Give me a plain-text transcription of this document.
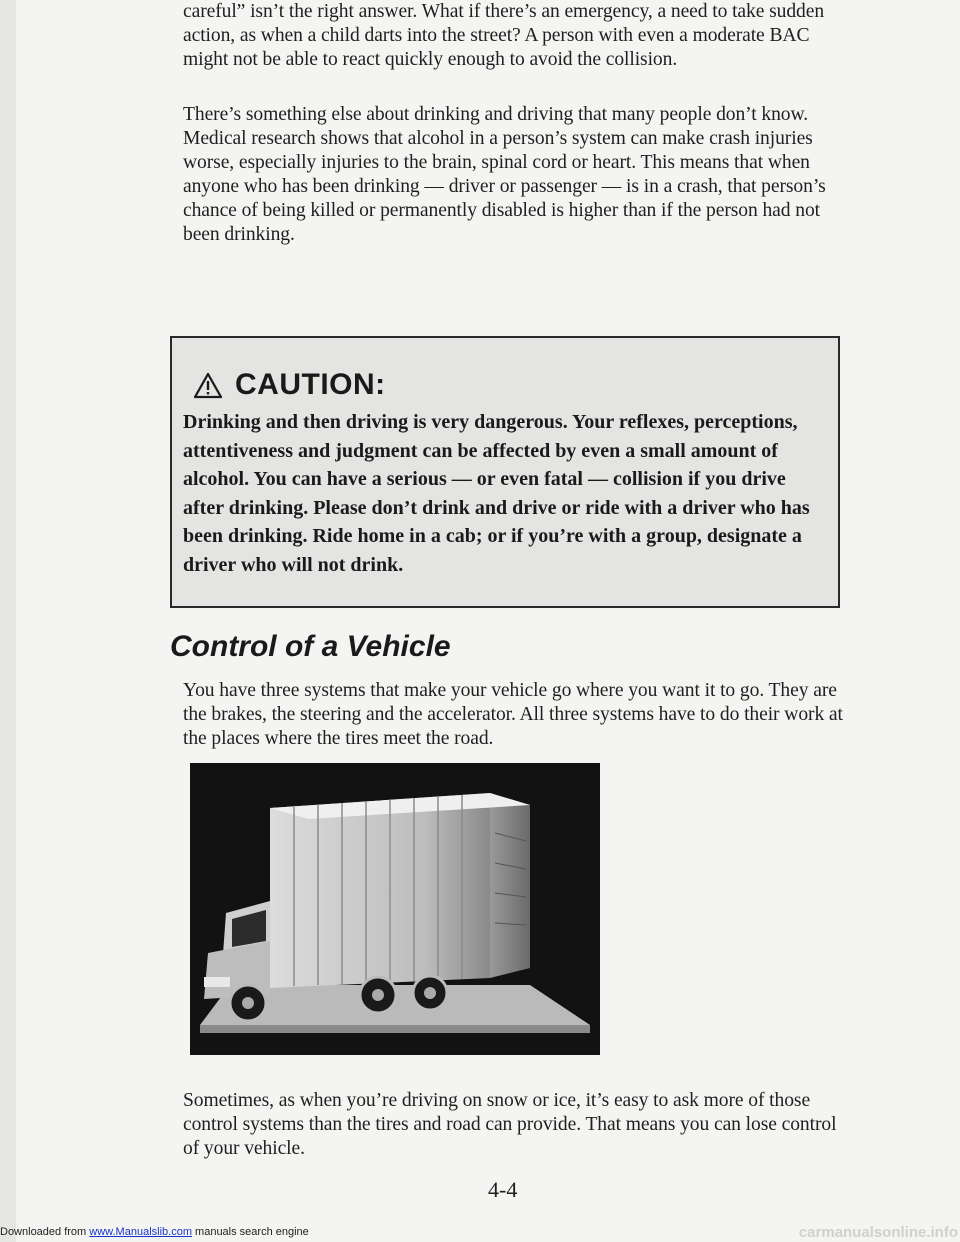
careful” isn’t the right answer. What if there’s an emergency, a need to take sudden action, as when a child darts into the street? A person with even a moderate BAC might not be able to react quickly enough to avoid the collision.

There’s something else about drinking and driving that many people don’t know. Medical research shows that alcohol in a person’s system can make crash injuries worse, especially injuries to the brain, spinal cord or heart. This means that when anyone who has been drinking — driver or passenger — is in a crash, that person’s chance of being killed or permanently disabled is higher than if the person had not been drinking.

CAUTION:

Drinking and then driving is very dangerous. Your reflexes, perceptions, attentiveness and judgment can be affected by even a small amount of alcohol. You can have a serious — or even fatal — collision if you drive after drinking. Please don’t drink and drive or ride with a driver who has been drinking. Ride home in a cab; or if you’re with a group, designate a driver who will not drink.

Control of a Vehicle

You have three systems that make your vehicle go where you want it to go. They are the brakes, the steering and the accelerator. All three systems have to do their work at the places where the tires meet the road.

Sometimes, as when you’re driving on snow or ice, it’s easy to ask more of those control systems than the tires and road can provide. That means you can lose control of your vehicle.

4-4
Downloaded from www.Manualslib.com manuals search engine	carmanualsonline.info
